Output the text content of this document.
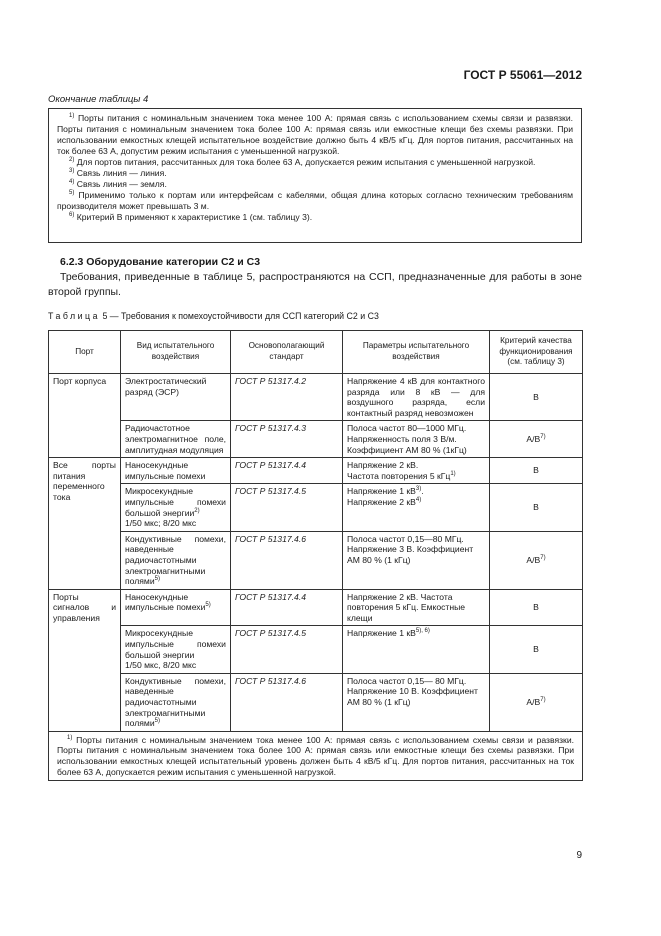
ГОСТ Р 55061—2012
Окончание таблицы 4

$^{1)}$ Порты питания с номинальным значением тока менее 100 А: прямая связь с использованием схемы связи и развязки. Порты питания с номинальным значением тока более 100 А: прямая связь или емкостные клещи без схемы развязки. При использовании емкостных клещей испытательное воздействие должно быть 4 кВ/5 кГц. Для портов питания, рассчитанных на ток более 63 А, допустим режим испытания с уменьшенной нагрузкой.

$^{2)}$ Для портов питания, рассчитанных для тока более 63 А, допускается режим испытания с уменьшенной нагрузкой.

$^{3)}$ Связь линия — линия.

$^{4)}$ Связь линия — земля.

$^{5)}$ Применимо только к портам или интерфейсам с кабелями, общая длина которых согласно техническим требованиям производителя может превышать 3 м.

$^{6)}$ Критерий В применяют к характеристике 1 (см. таблицу 3).

6.2.3 Оборудование категории С2 и С3
Требования, приведенные в таблице 5, распространяются на ССП, предназначенные для работы в зоне второй группы.
Таблица 5 — Требования к помехоустойчивости для ССП категорий С2 и С3
Порт	Вид испытательного воздействия	Основополагающий стандарт	Параметры испытательного воздействия	Критерий качества функционирования (см. таблицу 3)
Порт корпуса	Электростатический разряд (ЭСР)	ГОСТ Р 51317.4.2	Напряжение 4 кВ для контактного разряда или 8 кВ — для воздушного разряда, если контактный разряд невозможен	В
	Радиочастотное электромагнитное поле, амплитудная модуляция	ГОСТ Р 51317.4.3	Полоса частот 80—1000 МГц. Напряженность поля 3 В/м. Коэффициент АМ 80 % (1кГц)	$А/В^{7)}$
Все порты питания переменного тока	Наносекундные импульсные помехи	ГОСТ Р 51317.4.4	Напряжение 2 кВ.
Частота повторения 5 кГц$^{1)}$	В
	Микросекундные импульсные помехи большой энергии$^{2)}$
1/50 мкс; 8/20 мкс	ГОСТ Р 51317.4.5	Напряжение 1 $кВ^{3)}$.
Напряжение 2 $кВ^{4)}$	В
	Кондуктивные помехи, наведенные радиочастотными электромагнитными полями$^{5)}$	ГОСТ Р 51317.4.6	Полоса частот 0,15—80 МГц. Напряжение 3 В. Коэффициент АМ 80 % (1 кГц)	$А/В^{7)}$
Порты сигналов и управления	Наносекундные импульсные помехи$^{5)}$	ГОСТ Р 51317.4.4	Напряжение 2 кВ. Частота повторения 5 кГц. Емкостные клещи	В
	Микросекундные импульсные помехи большой энергии
1/50 мкс, 8/20 мкс	ГОСТ Р 51317.4.5	Напряжение 1 $кВ^{5), 6)}$	В
	Кондуктивные помехи, наведенные радиочастотными электромагнитными полями$^{5)}$	ГОСТ Р 51317.4.6	Полоса частот 0,15— 80 МГц. Напряжение 10 В. Коэффициент АМ 80 % (1 кГц)	$А/В^{7)}$
$^{1)}$ Порты питания с номинальным значением тока менее 100 А: прямая связь с использованием схемы связи и развязки. Порты питания с номинальным значением тока более 100 А: прямая связь или емкостные клещи без схемы развязки. При использовании емкостных клещей испытательный уровень должен быть 4 кВ/5 кГц. Для портов питания, рассчитанных на ток более 63 А, допускается режим испытания с уменьшенной нагрузкой.				
9
